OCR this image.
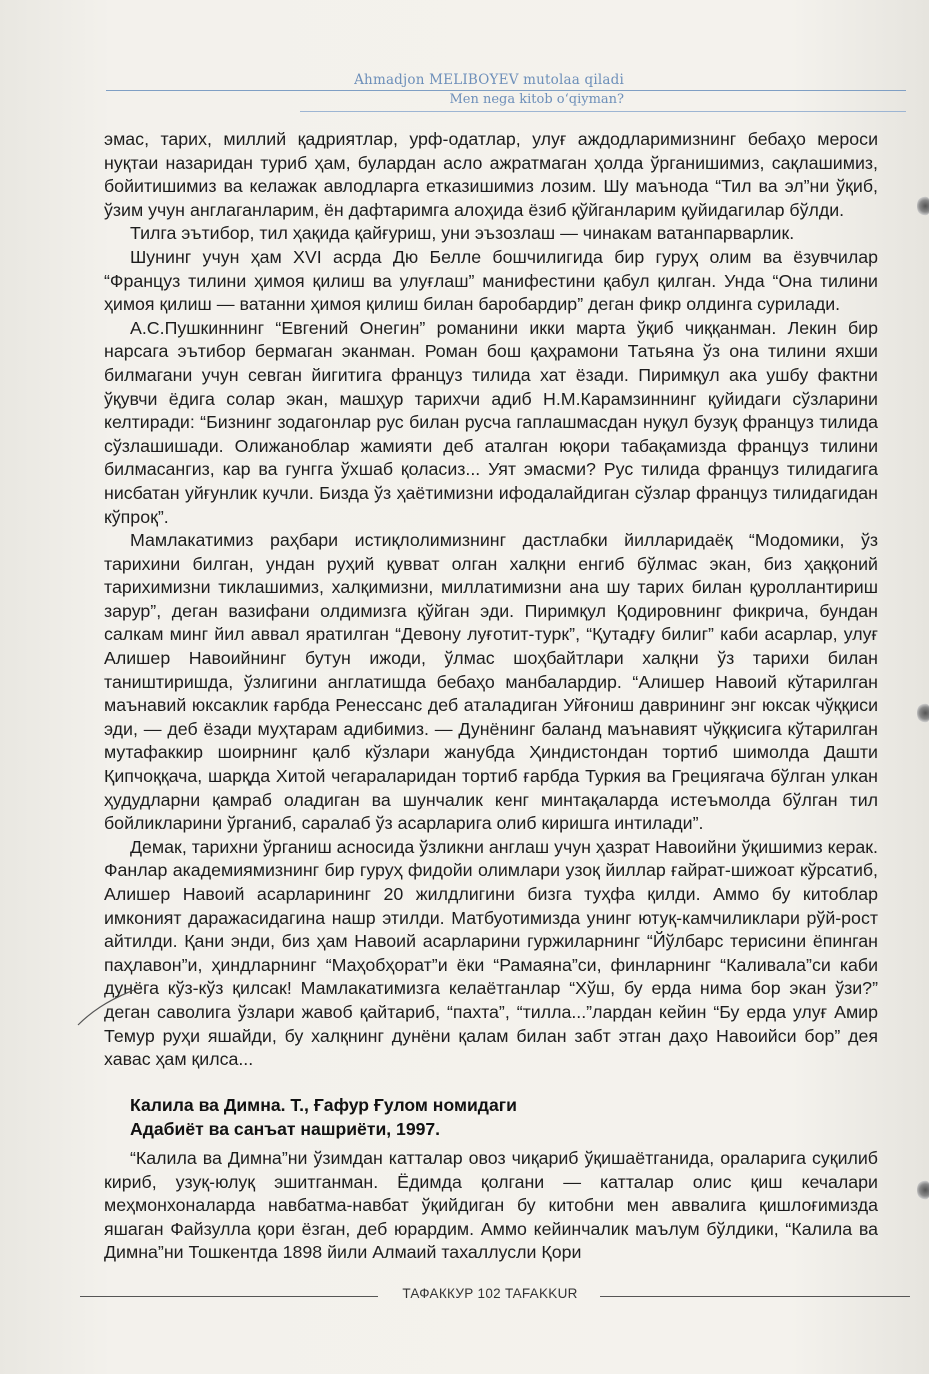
Ahmadjon MELIBOYEV mutolaa qiladi
Men nega kitob o‘qiyman?

эмас, тарих, миллий қадриятлар, урф-одатлар, улуғ аждодларимизнинг бебаҳо мероси нуқтаи назаридан туриб ҳам, булардан асло ажратмаган ҳолда ўрганишимиз, сақлашимиз, бойитишимиз ва келажак авлодларга етказишимиз лозим. Шу маънода “Тил ва эл”ни ўқиб, ўзим учун англаганларим, ён дафтаримга алоҳида ёзиб қўйганларим қуйидагилар бўлди.

Тилга эътибор, тил ҳақида қайғуриш, уни эъзозлаш — чинакам ватанпарварлик.

Шунинг учун ҳам XVI асрда Дю Белле бошчилигида бир гуруҳ олим ва ёзувчилар “Француз тилини ҳимоя қилиш ва улуғлаш” манифестини қабул қилган. Унда “Она тилини ҳимоя қилиш — ватанни ҳимоя қилиш билан баробардир” деган фикр олдинга сурилади.

А.С.Пушкиннинг “Евгений Онегин” романини икки марта ўқиб чиққанман. Лекин бир нарсага эътибор бермаган эканман. Роман бош қаҳрамони Татьяна ўз она тилини яхши билмагани учун севган йигитига француз тилида хат ёзади. Пиримқул ака ушбу фактни ўқувчи ёдига солар экан, машҳур тарихчи адиб Н.М.Карамзиннинг қуйидаги сўзларини келтиради: “Бизнинг зодагонлар рус билан русча гаплашмасдан нуқул бузуқ француз тилида сўзлашишади. Олижаноблар жамияти деб аталган юқори табақамизда француз тилини билмасангиз, кар ва гунгга ўхшаб қоласиз... Уят эмасми? Рус тилида француз тилидагига нисбатан уйғунлик кучли. Бизда ўз ҳаётимизни ифодалайдиган сўзлар француз тилидагидан кўпроқ”.

Мамлакатимиз раҳбари истиқлолимизнинг дастлабки йилларидаёқ “Модомики, ўз тарихини билган, ундан руҳий қувват олган халқни енгиб бўлмас экан, биз ҳаққоний тарихимизни тиклашимиз, халқимизни, миллатимизни ана шу тарих билан қуроллантириш зарур”, деган вазифани олдимизга қўйган эди. Пиримқул Қодировнинг фикрича, бундан салкам минг йил аввал яратилган “Девону луғотит-турк”, “Қутадғу билиг” каби асарлар, улуғ Алишер Навоийнинг бутун ижоди, ўлмас шоҳбайтлари халқни ўз тарихи билан таништиришда, ўзлигини англатишда бебаҳо манбалардир. “Алишер Навоий кўтарилган маънавий юксаклик ғарбда Ренессанс деб аталадиган Уйғониш даврининг энг юксак чўққиси эди, — деб ёзади муҳтарам адибимиз. — Дунёнинг баланд маънавият чўққисига кўтарилган мутафаккир шоирнинг қалб кўзлари жанубда Ҳиндистондан тортиб шимолда Дашти Қипчоққача, шарқда Хитой чегараларидан тортиб ғарбда Туркия ва Грециягача бўлган улкан ҳудудларни қамраб оладиган ва шунчалик кенг минтақаларда истеъмолда бўлган тил бойликларини ўрганиб, саралаб ўз асарларига олиб киришга интилади”.

Демак, тарихни ўрганиш асносида ўзликни англаш учун ҳазрат Навоийни ўқишимиз керак. Фанлар академиямизнинг бир гуруҳ фидойи олимлари узоқ йиллар ғайрат-шижоат кўрсатиб, Алишер Навоий асарларининг 20 жилдлигини бизга туҳфа қилди. Аммо бу китоблар имконият даражасидагина нашр этилди. Матбуотимизда унинг ютуқ-камчиликлари рўй-рост айтилди. Қани энди, биз ҳам Навоий асарларини гуржиларнинг “Йўлбарс терисини ёпинган паҳлавон”и, ҳиндларнинг “Маҳобҳорат”и ёки “Рамаяна”си, финларнинг “Каливала”си каби дунёга кўз-кўз қилсак! Мамлакатимизга келаётганлар “Хўш, бу ерда нима бор экан ўзи?” деган саволига ўзлари жавоб қайтариб, “пахта”, “тилла...”лардан кейин “Бу ерда улуғ Амир Темур руҳи яшайди, бу халқнинг дунёни қалам билан забт этган даҳо Навоийси бор” дея хавас ҳам қилса...

Калила ва Димна. Т., Ғафур Ғулом номидаги
Адабиёт ва санъат нашриёти, 1997.

“Калила ва Димна”ни ўзимдан катталар овоз чиқариб ўқишаётганида, ораларига суқилиб кириб, узуқ-юлуқ эшитганман. Ёдимда қолгани — катталар олис қиш кечалари меҳмонхоналарда навбатма-навбат ўқийдиган бу китобни мен аввалига қишлоғимизда яшаган Файзулла қори ёзган, деб юрардим. Аммо кейинчалик маълум бўлдики, “Калила ва Димна”ни Тошкентда 1898 йили Алмаий тахаллусли Қори

ТАФАККУР 102 TAFAKKUR
